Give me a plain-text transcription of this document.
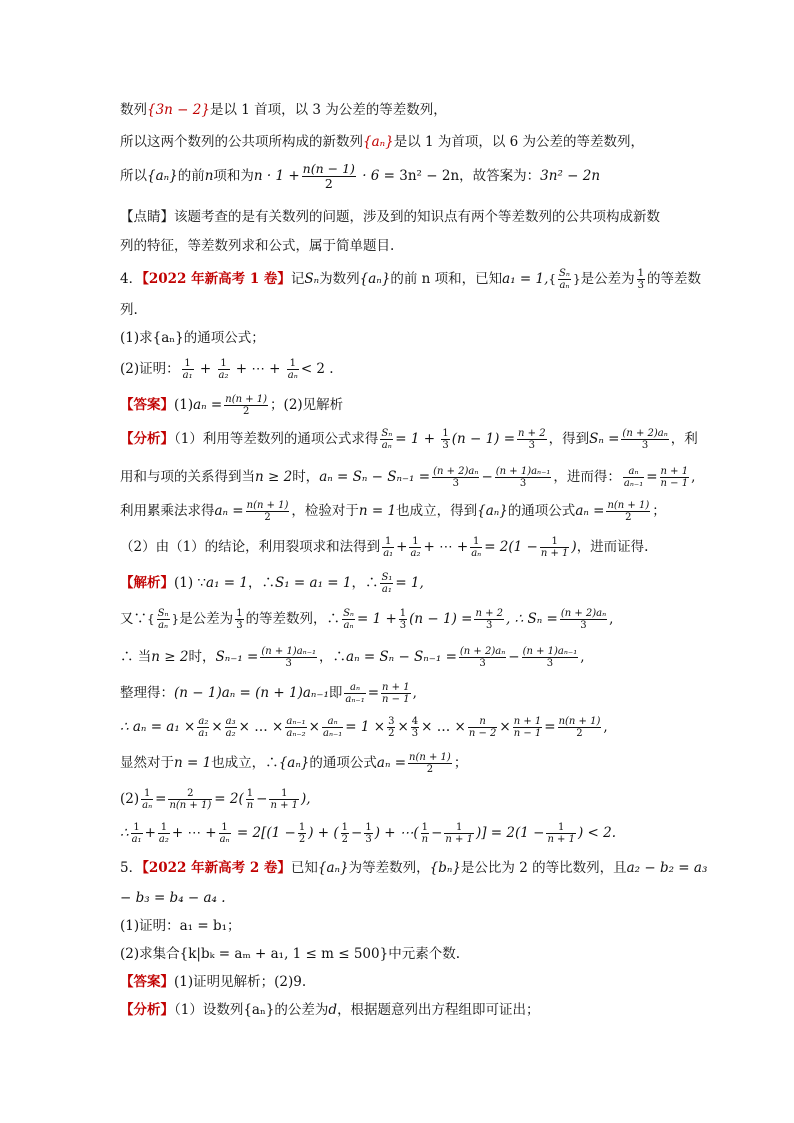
数列{3n − 2}是以 1 首项，以 3 为公差的等差数列，
所以这两个数列的公共项所构成的新数列{aₙ}是以 1 为首项，以 6 为公差的等差数列，
所以{aₙ}的前n项和为$n \cdot 1 + \frac{n(n - 1)}{2} \cdot 6 = 3n^2 - 2n$，故答案为：3n² − 2n
【点睛】该题考查的是有关数列的问题，涉及到的知识点有两个等差数列的公共项构成新数
列的特征，等差数列求和公式，属于简单题目.
4．【2022 年新高考 1 卷】记Sₙ为数列{aₙ}的前 n 项和，已知$a_1 = 1,\{ \frac{\text{Sₙ}}{\text{aₙ}}$ }是公差为 $\frac{1}{3}$ 的等差数
列.
(1)求{aₙ}的通项公式；
(2)证明： $\frac{1}{\text{a₁}} + \frac{1}{\text{a₂}}$ + ⋯ + $\frac{1}{\text{aₙ}} < 2$ .
【答案】$(1)a_n = \frac{n(n + 1)}{2}$ ；(2)见解析
【分析】（1）利用等差数列的通项公式求得 $\frac{\text{Sₙ}}{\text{aₙ}} = 1 + \frac{1}{3} (n - 1) = \frac{n + 2}{3}$ ，得到$S_n = \frac{\text{(n + 2)aₙ}}{3}$ ，利
用和与项的关系得到当n ≥ 2时，$a_n = S_n - S_{n-1} = \frac{\text{(n + 2)aₙ}}{3} - \frac{\text{(n + 1)aₙ₋₁}}{3}$ ，进而得： $\frac{\text{aₙ}}{\text{aₙ₋₁}} = \frac{n + 1}{n - 1}$ ,
利用累乘法求得$a_n = \frac{n(n + 1)}{2}$ ，检验对于n = 1也成立，得到{aₙ}的通项公式$a_n = \frac{n(n + 1)}{2}$ ；
（2）由（1）的结论，利用裂项求和法得到 $\frac{1}{\text{a₁}} + \frac{1}{\text{a₂}}$ + ⋯ + $\frac{1}{\text{aₙ}} = 2(1 - \frac{1}{n + 1}$ )，进而证得.
【解析】(1) ∵a₁ = 1，∴S₁ = a₁ = 1，∴ $\frac{\text{S₁}}{\text{a₁}} = 1$,
又∵{ $\frac{\text{Sₙ}}{\text{aₙ}}$ }是公差为 $\frac{1}{3}$ 的等差数列，∴ $\frac{\text{Sₙ}}{\text{aₙ}} = 1 + \frac{1}{3} (n - 1) = \frac{n + 2}{3}$ , ∴ $S_n = \frac{\text{(n + 2)aₙ}}{3}$ ,
∴ 当n ≥ 2时，$S_{n-1} = \frac{\text{(n + 1)aₙ₋₁}}{3}$ ，∴aₙ = $S_n - S_{n-1} = \frac{\text{(n + 2)aₙ}}{3} - \frac{\text{(n + 1)aₙ₋₁}}{3}$ ,
整理得：(n − 1)aₙ = (n + 1)aₙ₋₁即 $\frac{\text{aₙ}}{\text{aₙ₋₁}} = \frac{n + 1}{n - 1}$ ,
∴ $a_n = a_1 \times \frac{\text{a₂}}{\text{a₁}} \times \frac{\text{a₃}}{\text{a₂}}$ × … × $\frac{\text{aₙ₋₁}}{\text{aₙ₋₂}} \times \frac{\text{aₙ}}{\text{aₙ₋₁}} = 1 \times \frac{3}{2} \times \frac{4}{3}$ × … × $\frac{n}{n - 2} \times \frac{n + 1}{n - 1} = \frac{n(n + 1)}{2}$ ,
显然对于n = 1也成立，∴{aₙ}的通项公式$a_n = \frac{n(n + 1)}{2}$ ；
$(2) \frac{1}{\text{aₙ}} = \frac{2}{n(n + 1)} = 2( \frac{1}{n} - \frac{1}{n + 1}$ ),
∴ $\frac{1}{\text{a₁}} + \frac{1}{\text{a₂}}$ + ⋯ + $\frac{1}{\text{aₙ}} = 2[(1 - \frac{1}{2}$ ) + ( $\frac{1}{2} - \frac{1}{3}$ ) + ⋯( $\frac{1}{n} - \frac{1}{n + 1}$ )] = $2(1 - \frac{1}{n + 1}$ ) < 2.
5．【2022 年新高考 2 卷】已知{aₙ}为等差数列，{bₙ}是公比为 2 的等比数列，且a₂ − b₂ = a₃
− b₃ = b₄ − a₄ .
(1)证明：a₁ = b₁；
(2)求集合{k|bₖ = aₘ + a₁, 1 ≤ m ≤ 500}中元素个数.
【答案】(1)证明见解析；(2)9.
【分析】（1）设数列{aₙ}的公差为d，根据题意列出方程组即可证出；
